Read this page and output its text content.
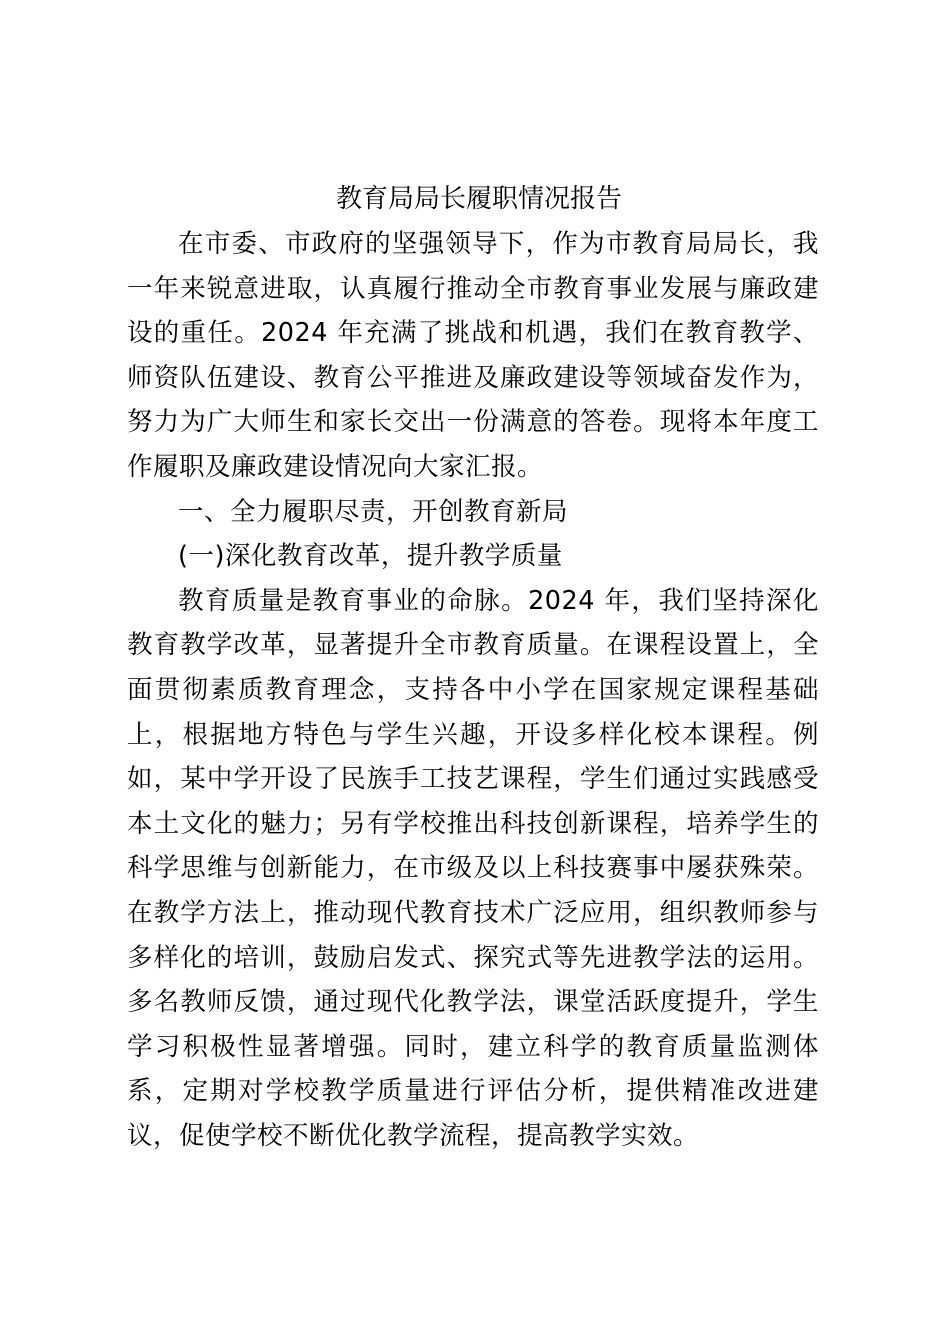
教育局局长履职情况报告

在市委、市政府的坚强领导下，作为市教育局局长，我一年来锐意进取，认真履行推动全市教育事业发展与廉政建设的重任。2024 年充满了挑战和机遇，我们在教育教学、师资队伍建设、教育公平推进及廉政建设等领域奋发作为，努力为广大师生和家长交出一份满意的答卷。现将本年度工作履职及廉政建设情况向大家汇报。

一、全力履职尽责，开创教育新局

(一)深化教育改革，提升教学质量

教育质量是教育事业的命脉。2024 年，我们坚持深化教育教学改革，显著提升全市教育质量。在课程设置上，全面贯彻素质教育理念，支持各中小学在国家规定课程基础上，根据地方特色与学生兴趣，开设多样化校本课程。例如，某中学开设了民族手工技艺课程，学生们通过实践感受本土文化的魅力；另有学校推出科技创新课程，培养学生的科学思维与创新能力，在市级及以上科技赛事中屡获殊荣。在教学方法上，推动现代教育技术广泛应用，组织教师参与多样化的培训，鼓励启发式、探究式等先进教学法的运用。多名教师反馈，通过现代化教学法，课堂活跃度提升，学生学习积极性显著增强。同时，建立科学的教育质量监测体系，定期对学校教学质量进行评估分析，提供精准改进建议，促使学校不断优化教学流程，提高教学实效。
